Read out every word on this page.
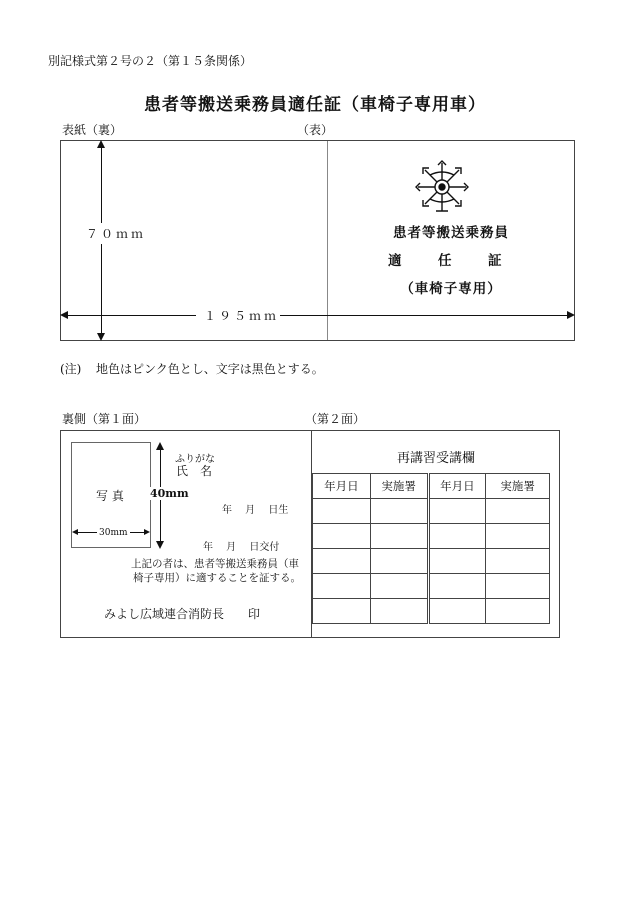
別記様式第２号の２（第１５条関係）
患者等搬送乗務員適任証（車椅子専用車）
表紙（裏）	（表）
７０ｍｍ
１９５ｍｍ
患者等搬送乗務員
適	任	証
（車椅子専用）
(注) 地色はピンク色とし、文字は黒色とする。
裏側（第１面）	（第２面）
写 真
30mm
40mm
ふりがな
氏　名
年　 月　 日生
年　 月　 日交付
上記の者は、患者等搬送乗務員（車
椅子専用）に適することを証する。
みよし広域連合消防長　　印
再講習受講欄
年月日	実施署	年月日	実施署
